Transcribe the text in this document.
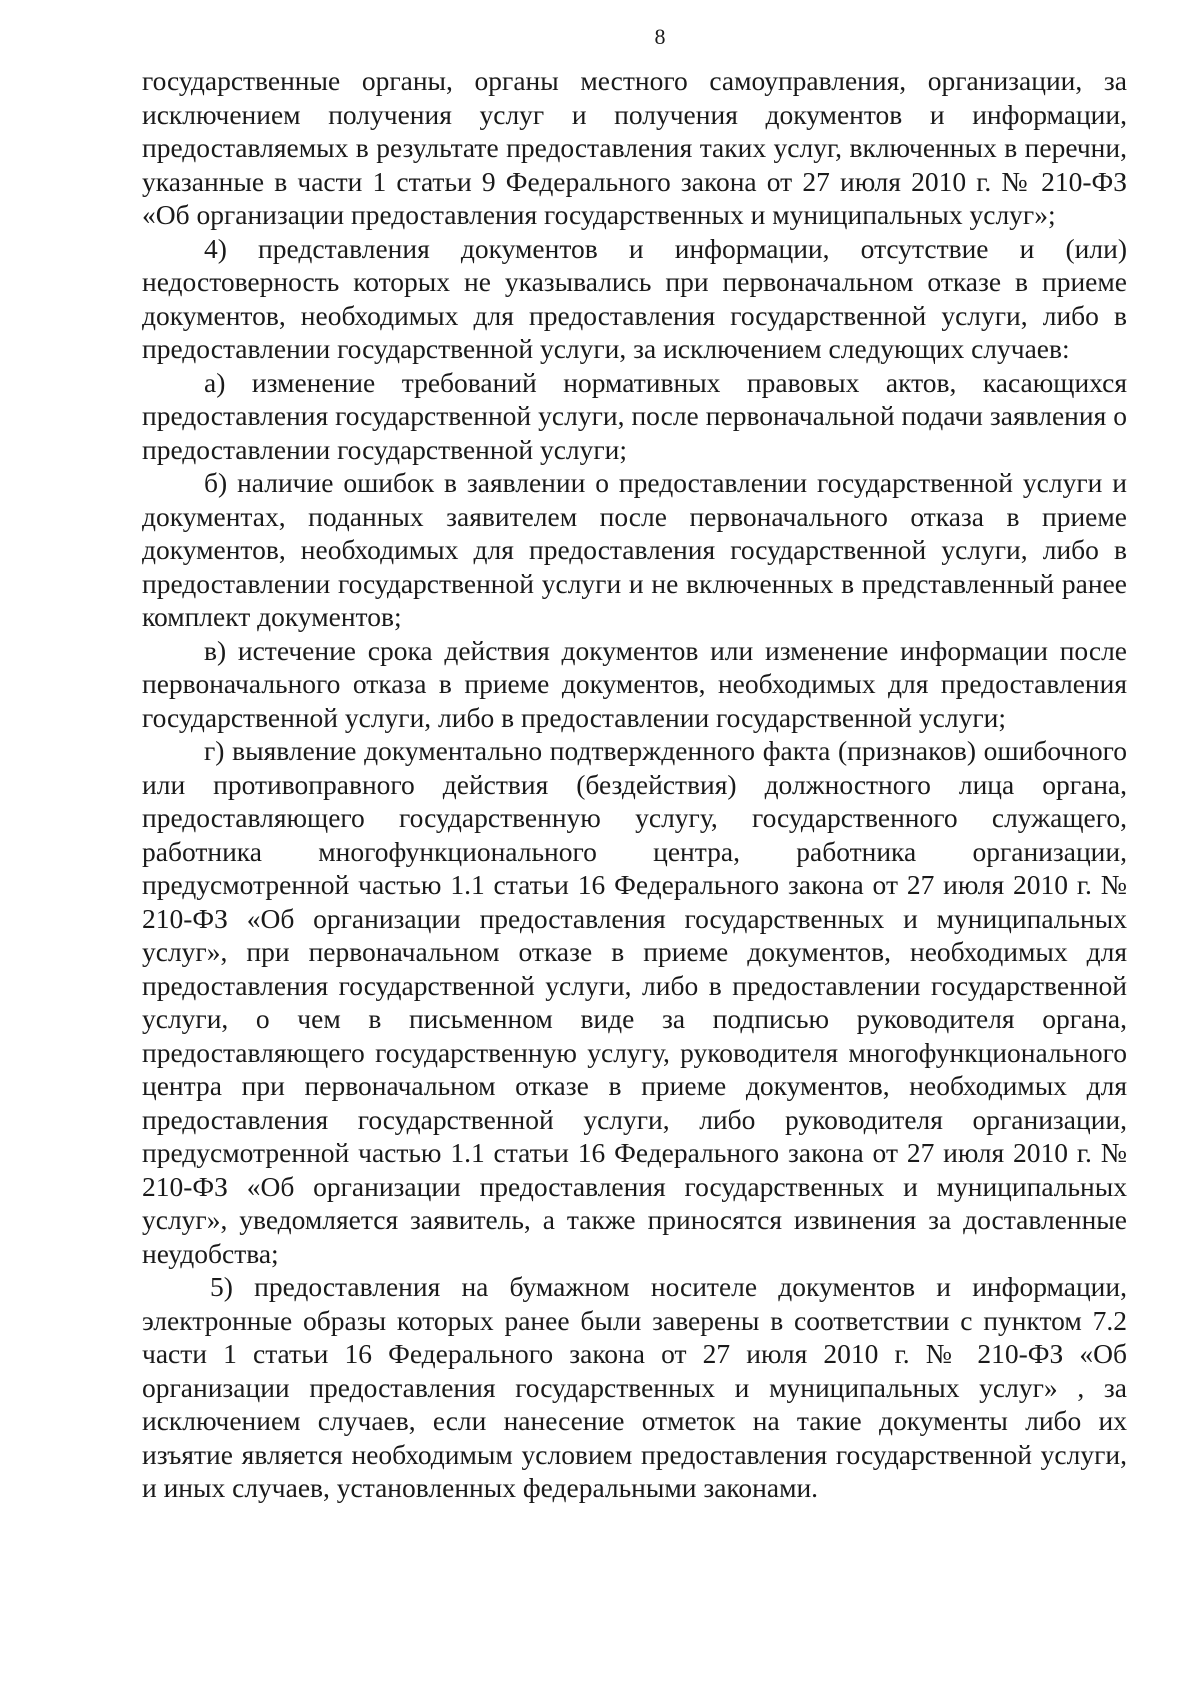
8

государственные органы, органы местного самоуправления, организации, за исключением получения услуг и получения документов и информации, предоставляемых в результате предоставления таких услуг, включенных в перечни, указанные в части 1 статьи 9 Федерального закона от 27 июля 2010 г. № 210-ФЗ «Об организации предоставления государственных и муниципальных услуг»;

4) представления документов и информации, отсутствие и (или) недостоверность которых не указывались при первоначальном отказе в приеме документов, необходимых для предоставления государственной услуги, либо в предоставлении государственной услуги, за исключением следующих случаев:

а) изменение требований нормативных правовых актов, касающихся предоставления государственной услуги, после первоначальной подачи заявления о предоставлении государственной услуги;

б) наличие ошибок в заявлении о предоставлении государственной услуги и документах, поданных заявителем после первоначального отказа в приеме документов, необходимых для предоставления государственной услуги, либо в предоставлении государственной услуги и не включенных в представленный ранее комплект документов;

в) истечение срока действия документов или изменение информации после первоначального отказа в приеме документов, необходимых для предоставления государственной услуги, либо в предоставлении государственной услуги;

г) выявление документально подтвержденного факта (признаков) ошибочного или противоправного действия (бездействия) должностного лица органа, предоставляющего государственную услугу, государственного служащего, работника многофункционального центра, работника организации, предусмотренной частью 1.1 статьи 16 Федерального закона от 27 июля 2010 г. № 210-ФЗ «Об организации предоставления государственных и муниципальных услуг», при первоначальном отказе в приеме документов, необходимых для предоставления государственной услуги, либо в предоставлении государственной услуги, о чем в письменном виде за подписью руководителя органа, предоставляющего государственную услугу, руководителя многофункционального центра при первоначальном отказе в приеме документов, необходимых для предоставления государственной услуги, либо руководителя организации, предусмотренной частью 1.1 статьи 16 Федерального закона от 27 июля 2010 г. № 210-ФЗ «Об организации предоставления государственных и муниципальных услуг», уведомляется заявитель, а также приносятся извинения за доставленные неудобства;

5) предоставления на бумажном носителе документов и информации, электронные образы которых ранее были заверены в соответствии с пунктом 7.2 части 1 статьи 16 Федерального закона от 27 июля 2010 г. № 210-ФЗ «Об организации предоставления государственных и муниципальных услуг» , за исключением случаев, если нанесение отметок на такие документы либо их изъятие является необходимым условием предоставления государственной услуги, и иных случаев, установленных федеральными законами.
